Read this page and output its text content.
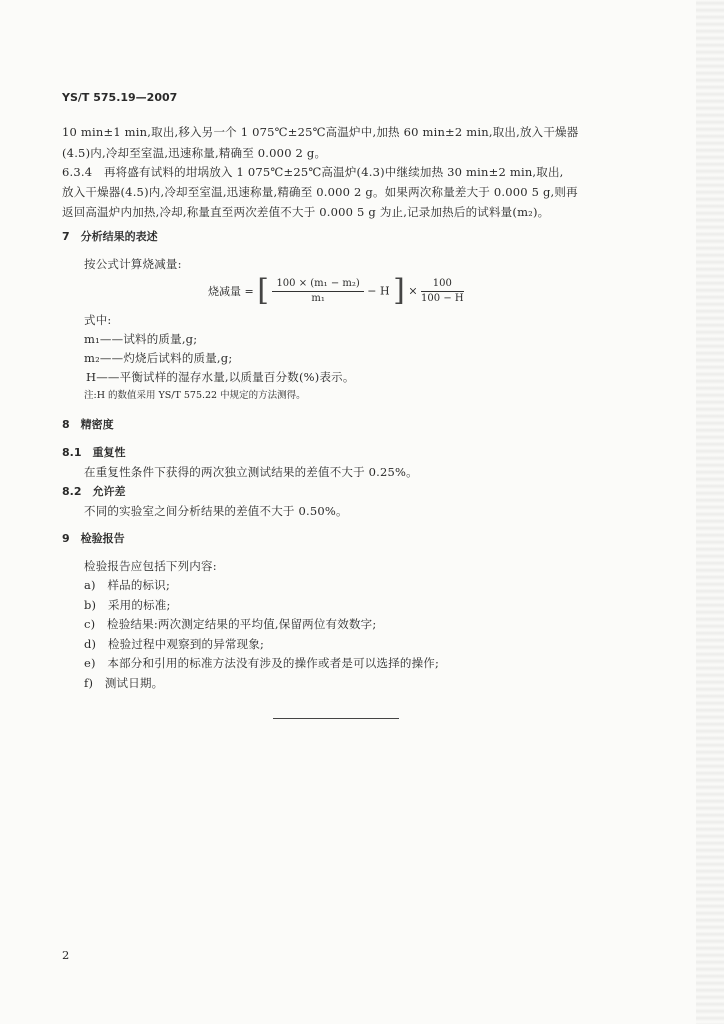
YS/T 575.19—2007
10 min±1 min,取出,移入另一个 1 075℃±25℃高温炉中,加热 60 min±2 min,取出,放入干燥器
(4.5)内,冷却至室温,迅速称量,精确至 0.000 2 g。
6.3.4　再将盛有试料的坩埚放入 1 075℃±25℃高温炉(4.3)中继续加热 30 min±2 min,取出,
放入干燥器(4.5)内,冷却至室温,迅速称量,精确至 0.000 2 g。如果两次称量差大于 0.000 5 g,则再
返回高温炉内加热,冷却,称量直至两次差值不大于 0.000 5 g 为止,记录加热后的试料量(m₂)。
7　分析结果的表述
按公式计算烧减量:
烧减量 = [ $\frac{\text{100 × (m₁ − m₂)}}{\text{m₁}} - H$ ] × $\frac{100}{100 - H}$
式中:
m₁——试料的质量,g;
m₂——灼烧后试料的质量,g;
H——平衡试样的湿存水量,以质量百分数(%)表示。
注:H 的数值采用 YS/T 575.22 中规定的方法测得。
8　精密度
8.1　重复性
在重复性条件下获得的两次独立测试结果的差值不大于 0.25%。
8.2　允许差
不同的实验室之间分析结果的差值不大于 0.50%。
9　检验报告
检验报告应包括下列内容:
a)　样品的标识;
b)　采用的标准;
c)　检验结果:两次测定结果的平均值,保留两位有效数字;
d)　检验过程中观察到的异常现象;
e)　本部分和引用的标准方法没有涉及的操作或者是可以选择的操作;
f)　测试日期。
2
